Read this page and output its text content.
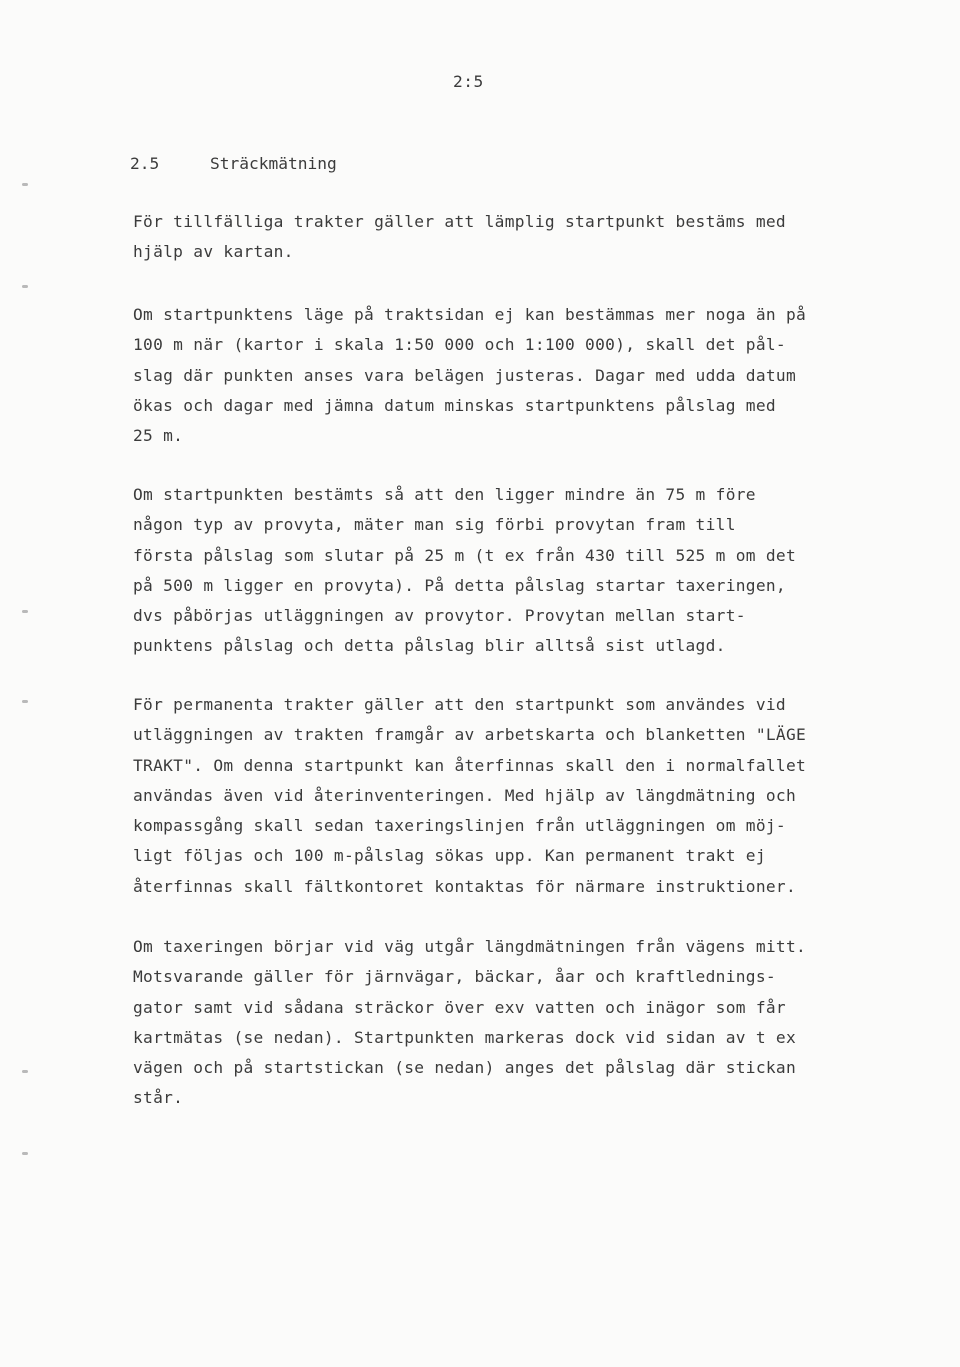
2:5
2.5	Sträckmätning

För tillfälliga trakter gäller att lämplig startpunkt bestäms med
hjälp av kartan.

Om startpunktens läge på traktsidan ej kan bestämmas mer noga än på
100 m när (kartor i skala 1:50 000 och 1:100 000), skall det pål-
slag där punkten anses vara belägen justeras. Dagar med udda datum
ökas och dagar med jämna datum minskas startpunktens pålslag med
25 m.

Om startpunkten bestämts så att den ligger mindre än 75 m före
någon typ av provyta, mäter man sig förbi provytan fram till
första pålslag som slutar på 25 m (t ex från 430 till 525 m om det
på 500 m ligger en provyta). På detta pålslag startar taxeringen,
dvs påbörjas utläggningen av provytor. Provytan mellan start-
punktens pålslag och detta pålslag blir alltså sist utlagd.

För permanenta trakter gäller att den startpunkt som användes vid
utläggningen av trakten framgår av arbetskarta och blanketten "LÄGE
TRAKT". Om denna startpunkt kan återfinnas skall den i normalfallet
användas även vid återinventeringen. Med hjälp av längdmätning och
kompassgång skall sedan taxeringslinjen från utläggningen om möj-
ligt följas och 100 m-pålslag sökas upp. Kan permanent trakt ej
återfinnas skall fältkontoret kontaktas för närmare instruktioner.

Om taxeringen börjar vid väg utgår längdmätningen från vägens mitt.
Motsvarande gäller för järnvägar, bäckar, åar och kraftlednings-
gator samt vid sådana sträckor över exv vatten och inägor som får
kartmätas (se nedan). Startpunkten markeras dock vid sidan av t ex
vägen och på startstickan (se nedan) anges det pålslag där stickan
står.
